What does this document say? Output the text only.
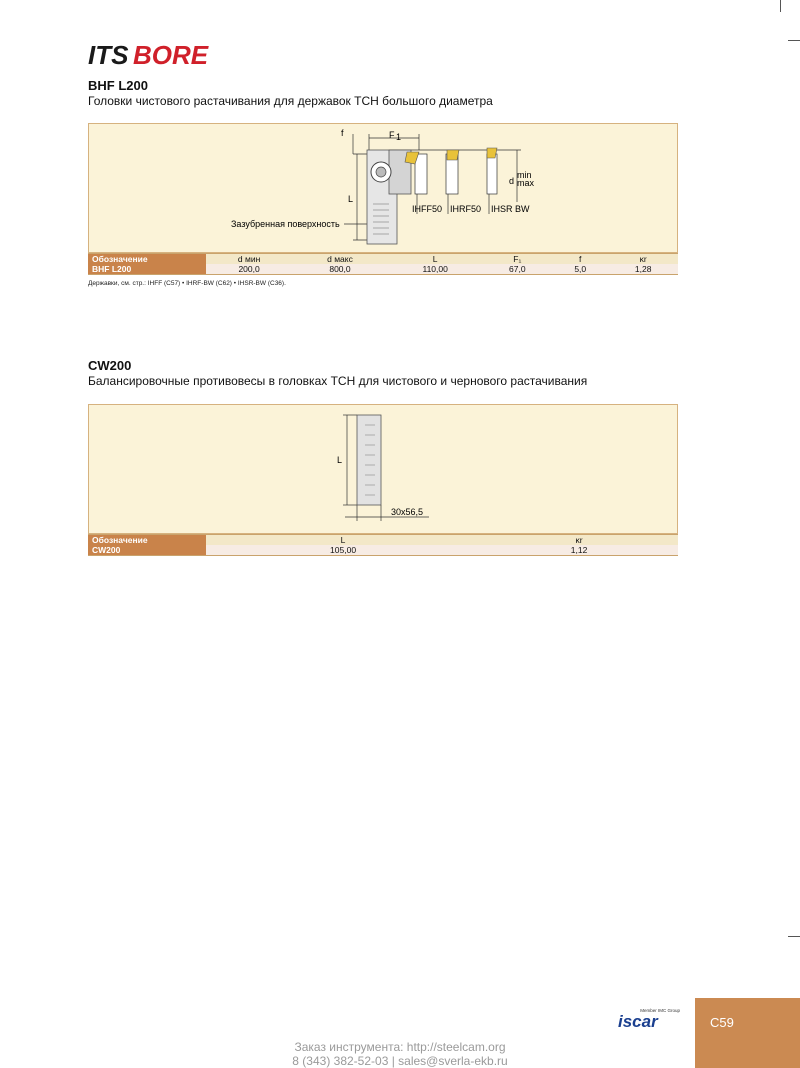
ITS BORE
BHF L200
Головки чистового растачивания для державок TCH большого диаметра
f	F 1
L
d
min
max
Зазубренная поверхность
IHFF50 IHRF50 IHSR BW
Обозначение	d мин	d макс	L	F₁	f	κr
BHF L200	200,0	800,0	110,00	67,0	5,0	1,28
Державки, см. стр.: IHFF (C57) • IHRF-BW (C62) • IHSR-BW (C36).
CW200
Балансировочные противовесы в головках TCH для чистового и чернового растачивания
L
30x56,5
Обозначение	L	κr
CW200	105,00	1,12
Member IMC Group
iscar	C59
Заказ инструмента: http://steelcam.org
8 (343) 382-52-03 | sales@sverla-ekb.ru
